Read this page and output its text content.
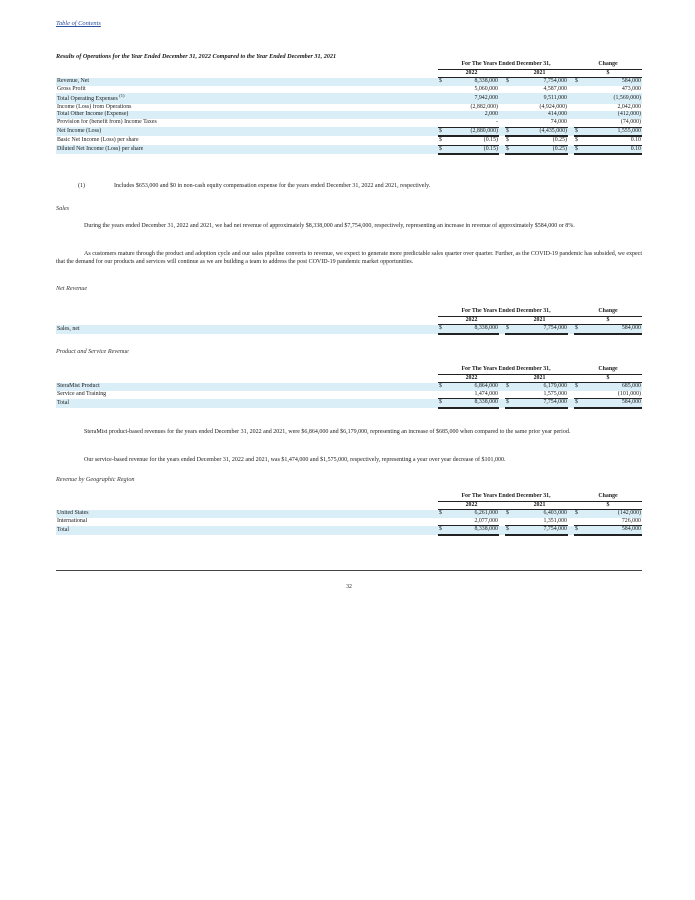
Table of Contents
Results of Operations for the Year Ended December 31, 2022 Compared to the Year Ended December 31, 2021
	For The Years Ended December 31,						Change	
	2022			2021			$	
Revenue, Net	$	8,338,000		$	7,754,000		$	584,000
Gross Profit		5,060,000			4,587,000			473,000
Total Operating Expenses $^{(1)}$		7,942,000			9,511,000			(1,569,000)
Income (Loss) from Operations		(2,882,000)			(4,924,000)			2,042,000
Total Other Income (Expense)		2,000			414,000			(412,000)
Provision for (benefit from) Income Taxes		-			74,000			(74,000)
Net Income (Loss)	$	(2,880,000)		$	(4,435,000)		$	1,555,000
Basic Net Income (Loss) per share	$	(0.15)		$	(0.25)		$	0.10
Diluted Net Income (Loss) per share	$	(0.15)		$	(0.25)		$	0.10
(1)	Includes $653,000 and $0 in non-cash equity compensation expense for the years ended December 31, 2022 and 2021, respectively.
Sales

During the years ended December 31, 2022 and 2021, we had net revenue of approximately $8,338,000 and $7,754,000, respectively, representing an increase in revenue of approximately $584,000 or 8%.

As customers mature through the product and adoption cycle and our sales pipeline converts to revenue, we expect to generate more predictable sales quarter over quarter. Further, as the COVID-19 pandemic has subsided, we expect that the demand for our products and services will continue as we are building a team to address the post COVID-19 pandemic market opportunities.

Net Revenue
	For The Years Ended December 31,						Change	
	2022			2021			$	
Sales, net	$	8,338,000		$	7,754,000		$	584,000
Product and Service Revenue
	For The Years Ended December 31,						Change	
	2022			2021			$	
SteraMist Product	$	6,864,000		$	6,179,000		$	685,000
Service and Training		1,474,000			1,575,000			(101,000)
Total	$	8,338,000		$	7,754,000		$	584,000

SteraMist product-based revenues for the years ended December 31, 2022 and 2021, were $6,864,000 and $6,179,000, representing an increase of $685,000 when compared to the same prior year period.

Our service-based revenue for the years ended December 31, 2022 and 2021, was $1,474,000 and $1,575,000, respectively, representing a year over year decrease of $101,000.

Revenue by Geographic Region
	For The Years Ended December 31,						Change	
	2022			2021			$	
United States	$	6,261,000		$	6,403,000		$	(142,000)
International		2,077,000			1,351,000			726,000
Total	$	8,338,000		$	7,754,000		$	584,000
32
